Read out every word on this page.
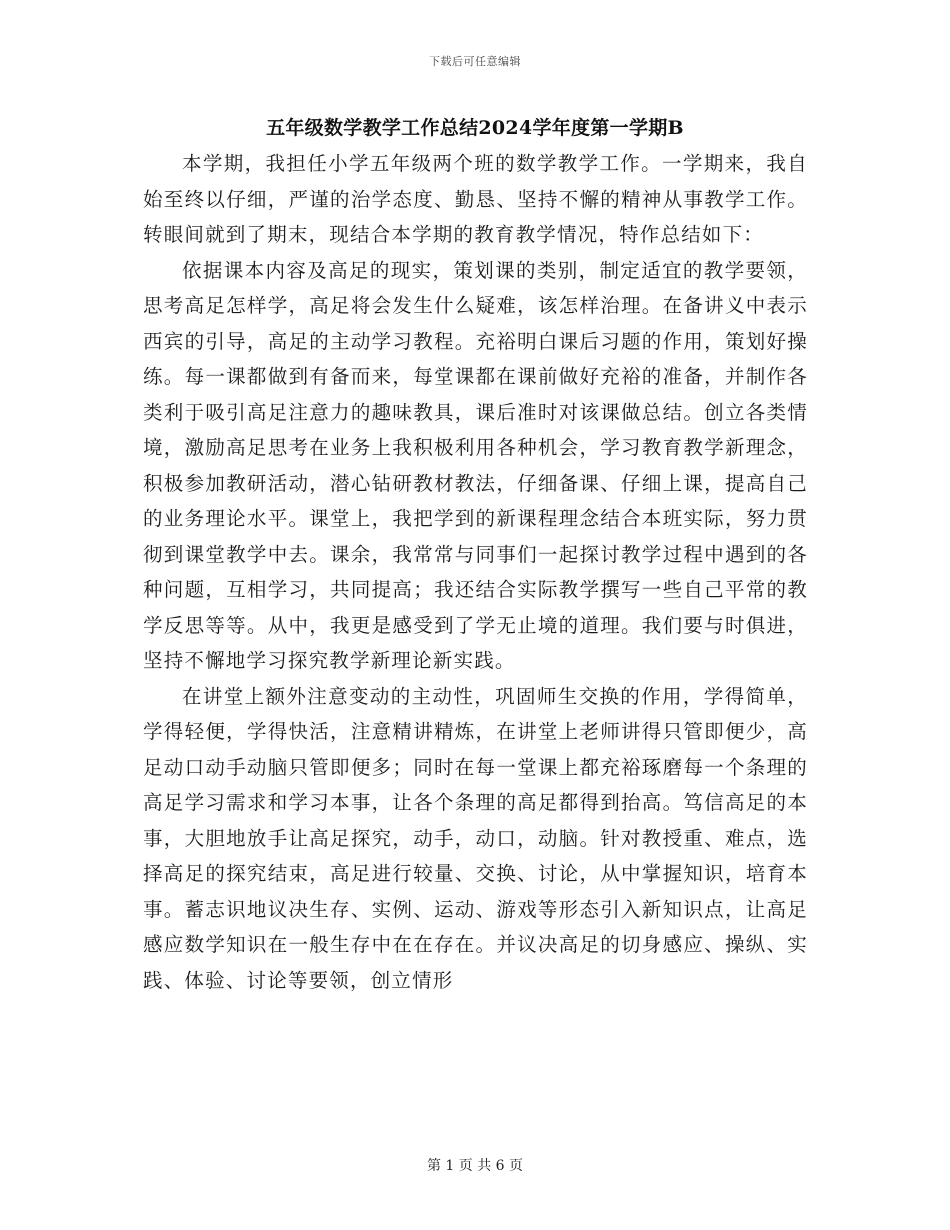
下载后可任意编辑
五年级数学教学工作总结2024学年度第一学期B

本学期，我担任小学五年级两个班的数学教学工作。一学期来，我自始至终以仔细，严谨的治学态度、勤恳、坚持不懈的精神从事教学工作。转眼间就到了期末，现结合本学期的教育教学情况，特作总结如下：

依据课本内容及高足的现实，策划课的类别，制定适宜的教学要领，思考高足怎样学，高足将会发生什么疑难，该怎样治理。在备讲义中表示西宾的引导，高足的主动学习教程。充裕明白课后习题的作用，策划好操练。每一课都做到有备而来，每堂课都在课前做好充裕的准备，并制作各类利于吸引高足注意力的趣味教具，课后准时对该课做总结。创立各类情境，激励高足思考在业务上我积极利用各种机会，学习教育教学新理念，积极参加教研活动，潜心钻研教材教法，仔细备课、仔细上课，提高自己的业务理论水平。课堂上，我把学到的新课程理念结合本班实际，努力贯彻到课堂教学中去。课余，我常常与同事们一起探讨教学过程中遇到的各种问题，互相学习，共同提高；我还结合实际教学撰写一些自己平常的教学反思等等。从中，我更是感受到了学无止境的道理。我们要与时俱进，坚持不懈地学习探究教学新理论新实践。

在讲堂上额外注意变动的主动性，巩固师生交换的作用，学得简单，学得轻便，学得快活，注意精讲精炼，在讲堂上老师讲得只管即便少，高足动口动手动脑只管即便多；同时在每一堂课上都充裕琢磨每一个条理的高足学习需求和学习本事，让各个条理的高足都得到抬高。笃信高足的本事，大胆地放手让高足探究，动手，动口，动脑。针对教授重、难点，选择高足的探究结束，高足进行较量、交换、讨论，从中掌握知识，培育本事。蓄志识地议决生存、实例、运动、游戏等形态引入新知识点，让高足感应数学知识在一般生存中在在存在。并议决高足的切身感应、操纵、实践、体验、讨论等要领，创立情形

第 1 页 共 6 页
